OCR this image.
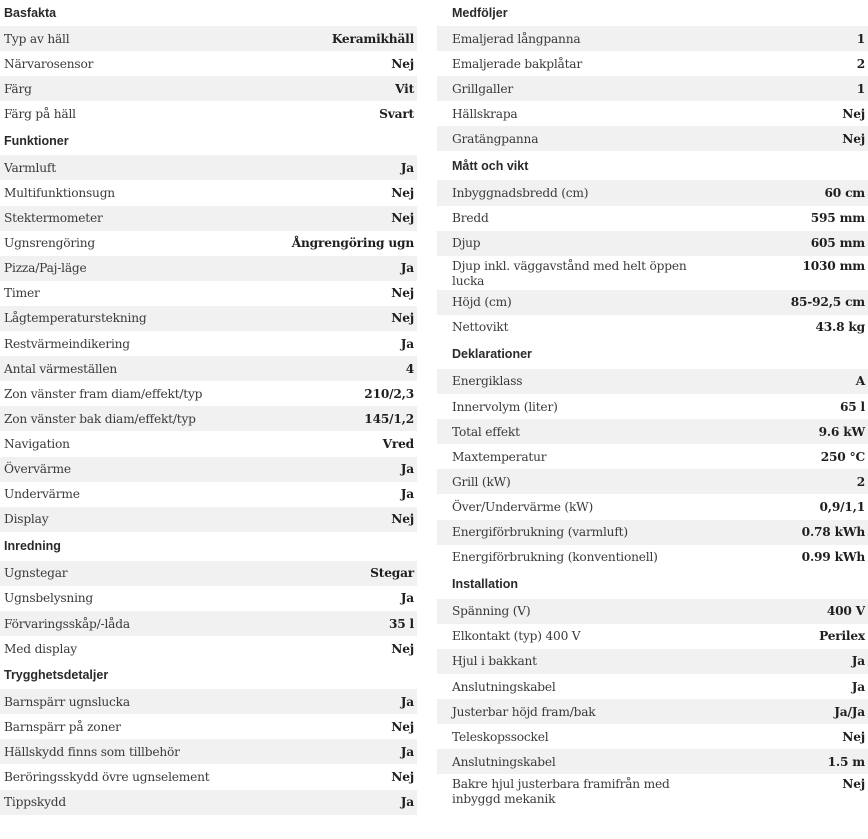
Basfakta
Typ av häll	Keramikhäll
Närvarosensor	Nej
Färg	Vit
Färg på häll	Svart
Funktioner
Varmluft	Ja
Multifunktionsugn	Nej
Stektermometer	Nej
Ugnsrengöring	Ångrengöring ugn
Pizza/Paj-läge	Ja
Timer	Nej
Lågtemperaturstekning	Nej
Restvärmeindikering	Ja
Antal värmeställen	4
Zon vänster fram diam/effekt/typ	210/2,3
Zon vänster bak diam/effekt/typ	145/1,2
Navigation	Vred
Övervärme	Ja
Undervärme	Ja
Display	Nej
Inredning
Ugnstegar	Stegar
Ugnsbelysning	Ja
Förvaringsskåp/-låda	35 l
Med display	Nej
Trygghetsdetaljer
Barnspärr ugnslucka	Ja
Barnspärr på zoner	Nej
Hällskydd finns som tillbehör	Ja
Beröringsskydd övre ugnselement	Nej
Tippskydd	Ja
Medföljer
Emaljerad långpanna	1
Emaljerade bakplåtar	2
Grillgaller	1
Hällskrapa	Nej
Gratängpanna	Nej
Mått och vikt
Inbyggnadsbredd (cm)	60 cm
Bredd	595 mm
Djup	605 mm
Djup inkl. väggavstånd med helt öppen lucka
1030 mm
Höjd (cm)	85-92,5 cm
Nettovikt	43.8 kg
Deklarationer
Energiklass	A
Innervolym (liter)	65 l
Total effekt	9.6 kW
Maxtemperatur	250 °C
Grill (kW)	2
Över/Undervärme (kW)	0,9/1,1
Energiförbrukning (varmluft)	0.78 kWh
Energiförbrukning (konventionell)	0.99 kWh
Installation
Spänning (V)	400 V
Elkontakt (typ) 400 V	Perilex
Hjul i bakkant	Ja
Anslutningskabel	Ja
Justerbar höjd fram/bak	Ja/Ja
Teleskopssockel	Nej
Anslutningskabel	1.5 m
Bakre hjul justerbara framifrån med inbyggd mekanik
Nej
